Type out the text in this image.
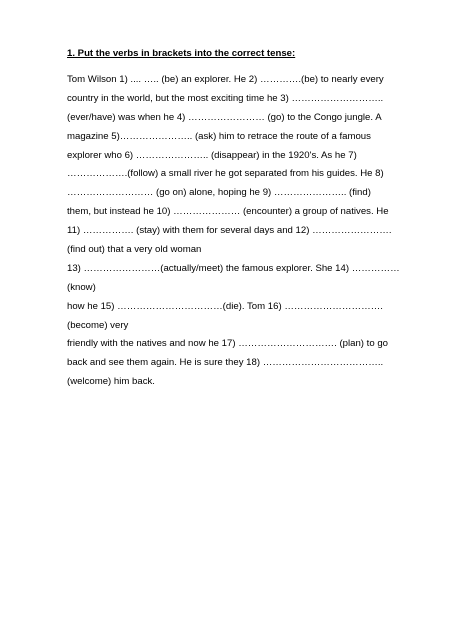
1. Put the verbs in brackets into the correct tense:

Tom Wilson 1) .... ….. (be) an explorer. He 2) ………….(be) to nearly every
country in the world, but the most exciting time he 3) ………………………..
(ever/have) was when he 4) …………………… (go) to the Congo jungle. A
magazine 5)………………….. (ask) him to retrace the route of a famous
explorer who 6) ………………….. (disappear) in the 1920's. As he 7)
……………….(follow) a small river he got separated from his guides. He 8)
……………………… (go on) alone, hoping he 9) ………………….. (find)
them, but instead he 10) ………………… (encounter) a group of natives. He
11) ……………. (stay) with them for several days and 12) …………………….
(find out) that a very old woman
13) ……………………(actually/meet) the famous explorer. She 14) ……………
(know)
how he 15) ……………………………(die). Tom 16) ………………………….
(become) very
friendly with the natives and now he 17) …………………………. (plan) to go
back and see them again. He is sure they 18) ………………………………..
(welcome) him back.
